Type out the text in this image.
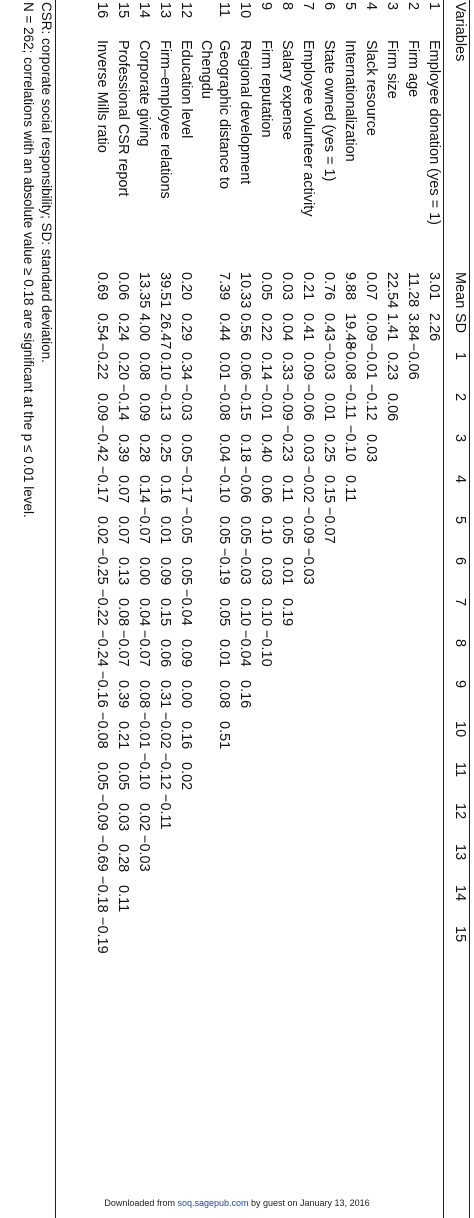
Variables
Mean
SD
CSR: corporate social responsibility; SD: standard deviation.
N = 262; correlations with an absolute value ≥ 0.18 are significant at the p ≤ 0.01 level.	1
2
3
4
5
6
7
8
9
10
11
12
13
14
15
1
Employee donation (yes = 1)
3.01
2.26
2
Firm age
11.28
3.84
−0.06
3
Firm size
22.54
1.41
0.23
0.06
4
Slack resource
0.07
0.09
−0.01
−0.12
0.03
5
Internationalization
9.88
19.48
−0.08
−0.11
−0.10
0.11
6
State owned (yes = 1)
0.76
0.43
−0.03
0.01
0.25
0.15
−0.07
7
Employee volunteer activity
0.21
0.41
0.09
−0.06
0.03
−0.02
−0.09
−0.03
8
Salary expense
0.03
0.04
0.33
−0.09
−0.23
0.11
0.05
0.01
0.19
9
Firm reputation
0.05
0.22
0.14
−0.01
0.40
0.06
0.10
0.03
0.10
−0.10
10
Regional development
10.33
0.56
0.06
−0.15
0.18
−0.06
0.05
−0.03
0.10
−0.04
0.16
11
Geographic distance to
Chengdu
7.39
0.44
0.01
−0.08
0.04
−0.10
0.05
−0.19
0.05
0.01
0.08
0.51
12
Education level
0.20
0.29
0.34
−0.03
0.05
−0.17
−0.05
0.05
−0.04
0.09
0.00
0.16
0.02
13
Firm–employee relations
39.51
26.47
0.10
−0.13
0.25
0.16
0.01
0.09
0.15
0.06
0.31
−0.02
−0.12
−0.11
14
Corporate giving
13.35
4.00
0.08
0.09
0.28
0.14
−0.07
0.00
0.04
−0.07
0.08
−0.01
−0.10
0.02
−0.03
15
Professional CSR report
0.06
0.24
0.20
−0.14
0.39
0.07
0.07
0.13
0.08
−0.07
0.39
0.21
0.05
0.03
0.28
0.11
16
Inverse Mills ratio
0.69
0.54
−0.22
0.09
−0.42
−0.17
0.02
−0.25
−0.22
−0.24
−0.16
−0.08
0.05
−0.09
−0.69
−0.18
−0.19
Downloaded from soq.sagepub.com by guest on January 13, 2016
